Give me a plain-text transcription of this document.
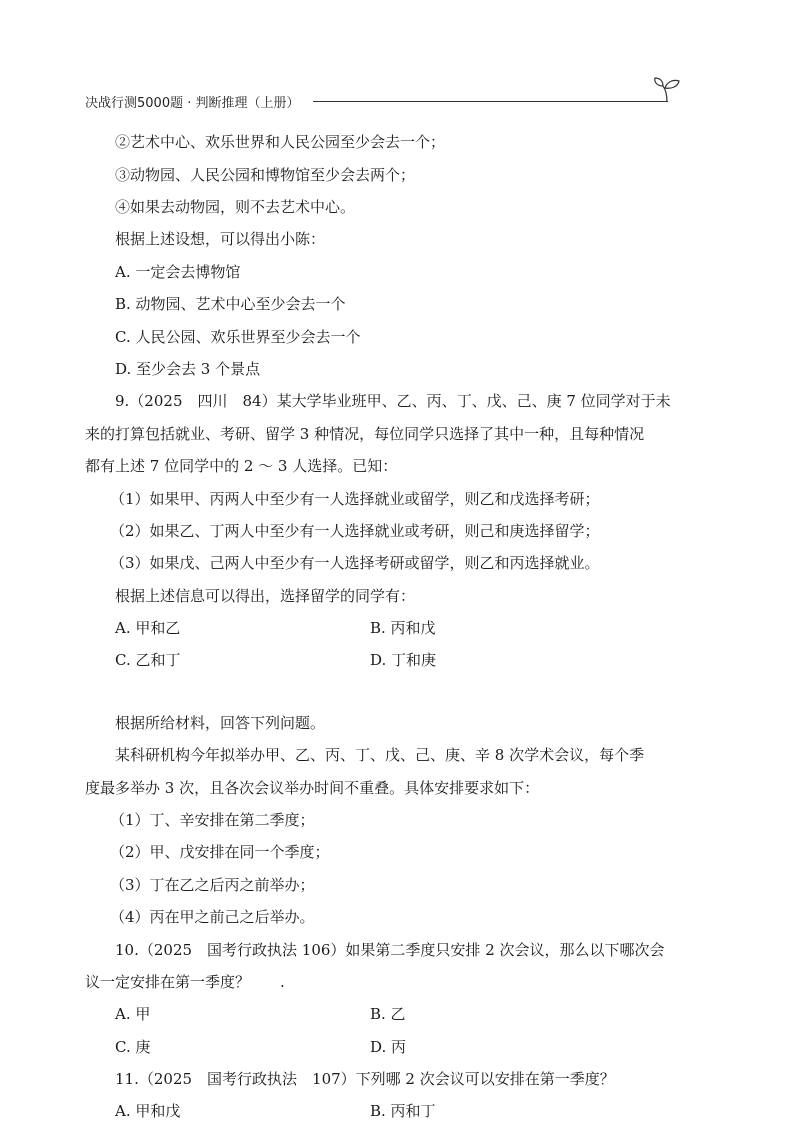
决战行测5000题 · 判断推理（上册）
②艺术中心、欢乐世界和人民公园至少会去一个；
③动物园、人民公园和博物馆至少会去两个；
④如果去动物园，则不去艺术中心。
根据上述设想，可以得出小陈：
A. 一定会去博物馆
B. 动物园、艺术中心至少会去一个
C. 人民公园、欢乐世界至少会去一个
D. 至少会去 3 个景点
9.（2025　四川　84）某大学毕业班甲、乙、丙、丁、戊、己、庚 7 位同学对于未
来的打算包括就业、考研、留学 3 种情况，每位同学只选择了其中一种，且每种情况
都有上述 7 位同学中的 2 ～ 3 人选择。已知：
（1）如果甲、丙两人中至少有一人选择就业或留学，则乙和戊选择考研；
（2）如果乙、丁两人中至少有一人选择就业或考研，则己和庚选择留学；
（3）如果戊、己两人中至少有一人选择考研或留学，则乙和丙选择就业。
根据上述信息可以得出，选择留学的同学有：
A. 甲和乙	B. 丙和戊
C. 乙和丁	D. 丁和庚
根据所给材料，回答下列问题。
某科研机构今年拟举办甲、乙、丙、丁、戊、己、庚、辛 8 次学术会议，每个季
度最多举办 3 次，且各次会议举办时间不重叠。具体安排要求如下：
（1）丁、辛安排在第二季度；
（2）甲、戊安排在同一个季度；
（3）丁在乙之后丙之前举办；
（4）丙在甲之前己之后举办。
10.（2025　国考行政执法 106）如果第二季度只安排 2 次会议，那么以下哪次会
议一定安排在第一季度？　　.
A. 甲	B. 乙
C. 庚	D. 丙
11.（2025　国考行政执法　107）下列哪 2 次会议可以安排在第一季度？
A. 甲和戊	B. 丙和丁
